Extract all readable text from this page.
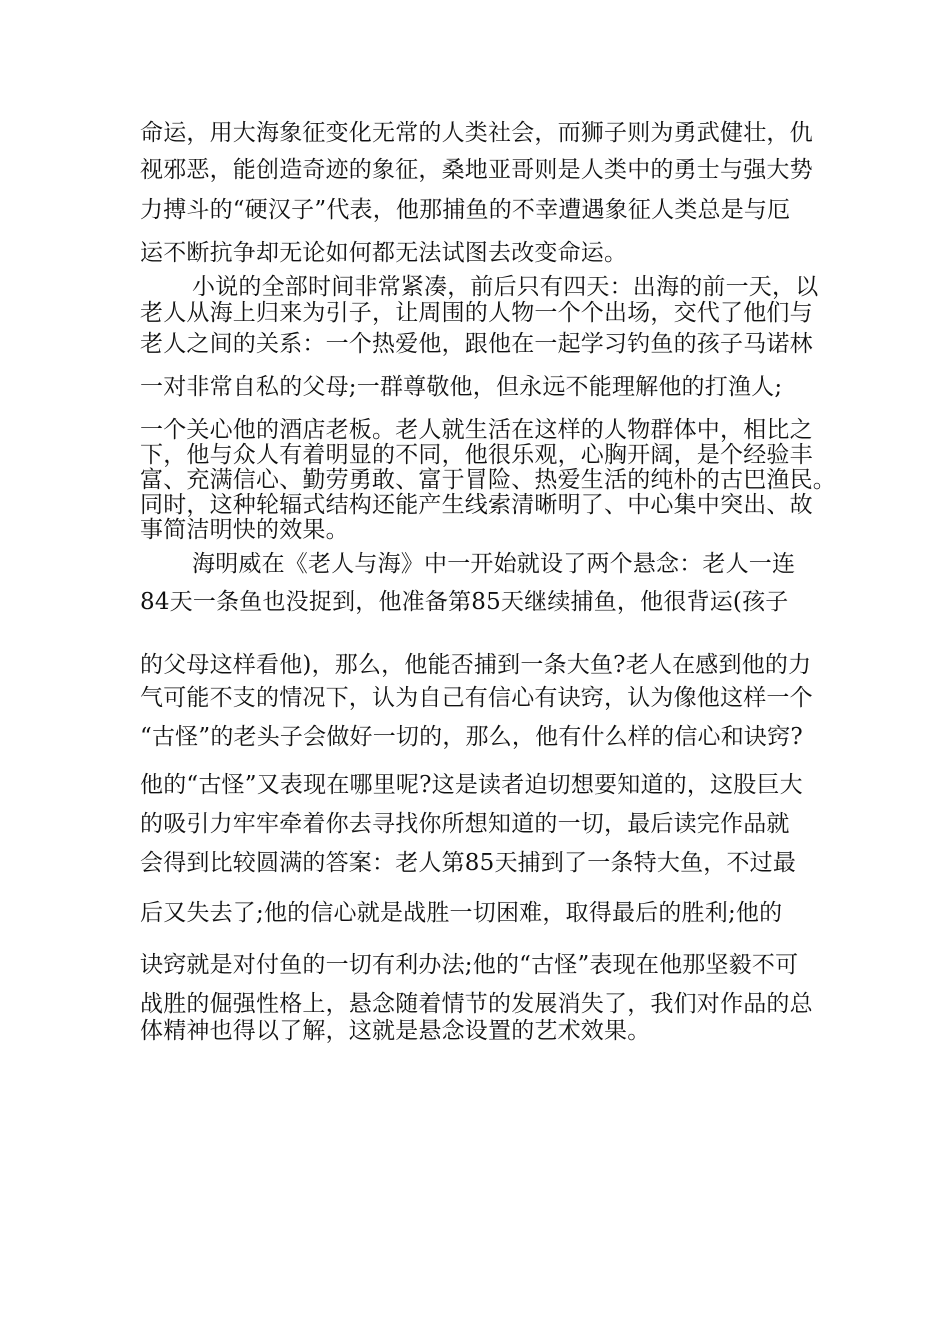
命运，用大海象征变化无常的人类社会，而狮子则为勇武健壮，仇
视邪恶，能创造奇迹的象征，桑地亚哥则是人类中的勇士与强大势
力搏斗的“硬汉子”代表，他那捕鱼的不幸遭遇象征人类总是与厄
运不断抗争却无论如何都无法试图去改变命运。
小说的全部时间非常紧凑，前后只有四天：出海的前一天，以
老人从海上归来为引子，让周围的人物一个个出场，交代了他们与
老人之间的关系：一个热爱他，跟他在一起学习钓鱼的孩子马诺林
一对非常自私的父母;一群尊敬他，但永远不能理解他的打渔人;
一个关心他的酒店老板。老人就生活在这样的人物群体中，相比之
下，他与众人有着明显的不同，他很乐观，心胸开阔，是个经验丰
富、充满信心、勤劳勇敢、富于冒险、热爱生活的纯朴的古巴渔民。
同时，这种轮辐式结构还能产生线索清晰明了、中心集中突出、故
事简洁明快的效果。
海明威在《老人与海》中一开始就设了两个悬念：老人一连
84天一条鱼也没捉到，他准备第85天继续捕鱼，他很背运(孩子
的父母这样看他)，那么，他能否捕到一条大鱼?老人在感到他的力
气可能不支的情况下，认为自己有信心有诀窍，认为像他这样一个
“古怪”的老头子会做好一切的，那么，他有什么样的信心和诀窍?
他的“古怪”又表现在哪里呢?这是读者迫切想要知道的，这股巨大
的吸引力牢牢牵着你去寻找你所想知道的一切，最后读完作品就
会得到比较圆满的答案：老人第85天捕到了一条特大鱼，不过最
后又失去了;他的信心就是战胜一切困难，取得最后的胜利;他的
诀窍就是对付鱼的一切有利办法;他的“古怪”表现在他那坚毅不可
战胜的倔强性格上，悬念随着情节的发展消失了，我们对作品的总
体精神也得以了解，这就是悬念设置的艺术效果。
